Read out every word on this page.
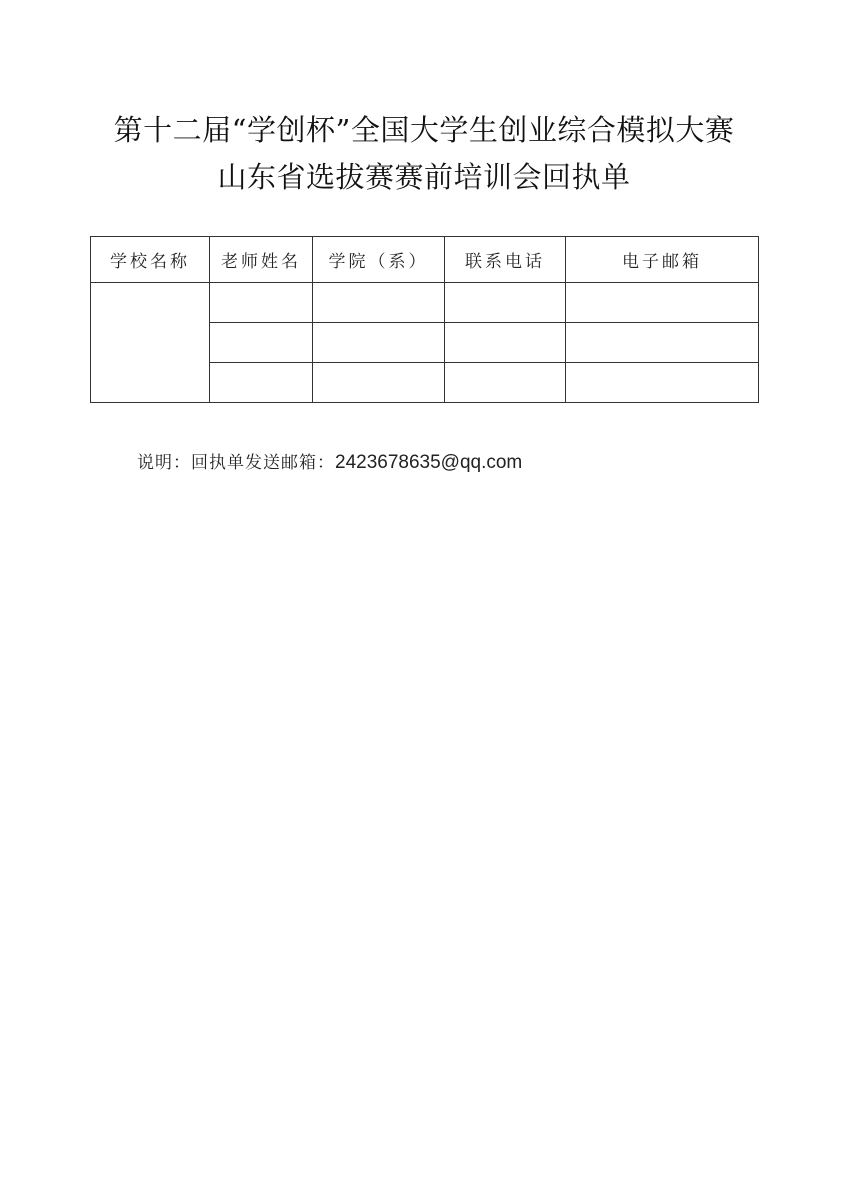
第十二届“学创杯”全国大学生创业综合模拟大赛
山东省选拔赛赛前培训会回执单
学校名称	老师姓名	学院（系）	联系电话	电子邮箱

说明：回执单发送邮箱：2423678635@qq.com
